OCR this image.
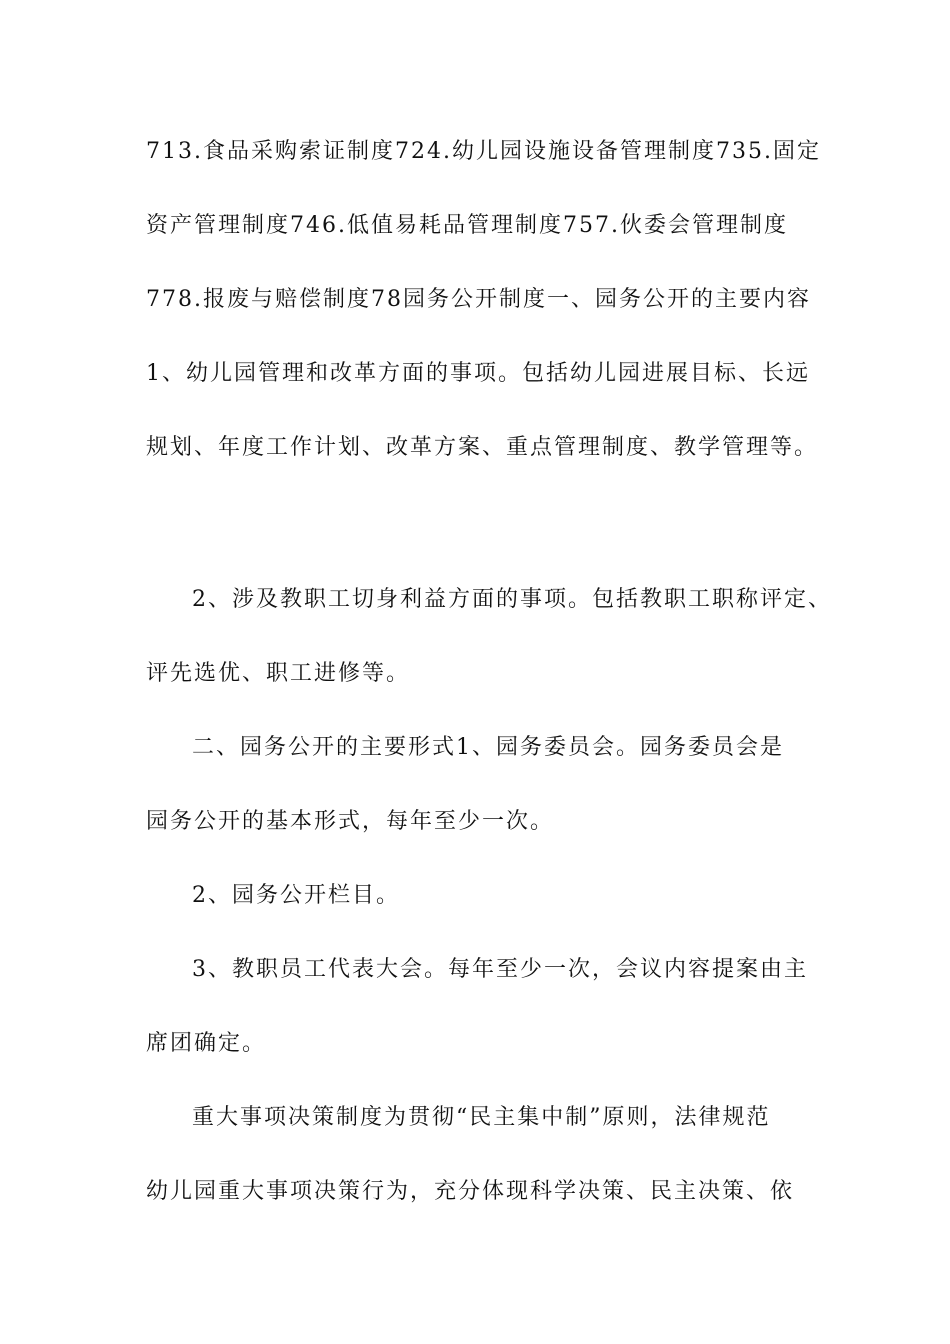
713.食品采购索证制度724.幼儿园设施设备管理制度735.固定
资产管理制度746.低值易耗品管理制度757.伙委会管理制度
778.报废与赔偿制度78园务公开制度一、园务公开的主要内容
1、幼儿园管理和改革方面的事项。包括幼儿园进展目标、长远
规划、年度工作计划、改革方案、重点管理制度、教学管理等。
2、涉及教职工切身利益方面的事项。包括教职工职称评定、
评先选优、职工进修等。
二、园务公开的主要形式1、园务委员会。园务委员会是
园务公开的基本形式，每年至少一次。
2、园务公开栏目。
3、教职员工代表大会。每年至少一次，会议内容提案由主
席团确定。
重大事项决策制度为贯彻“民主集中制”原则，法律规范
幼儿园重大事项决策行为，充分体现科学决策、民主决策、依
